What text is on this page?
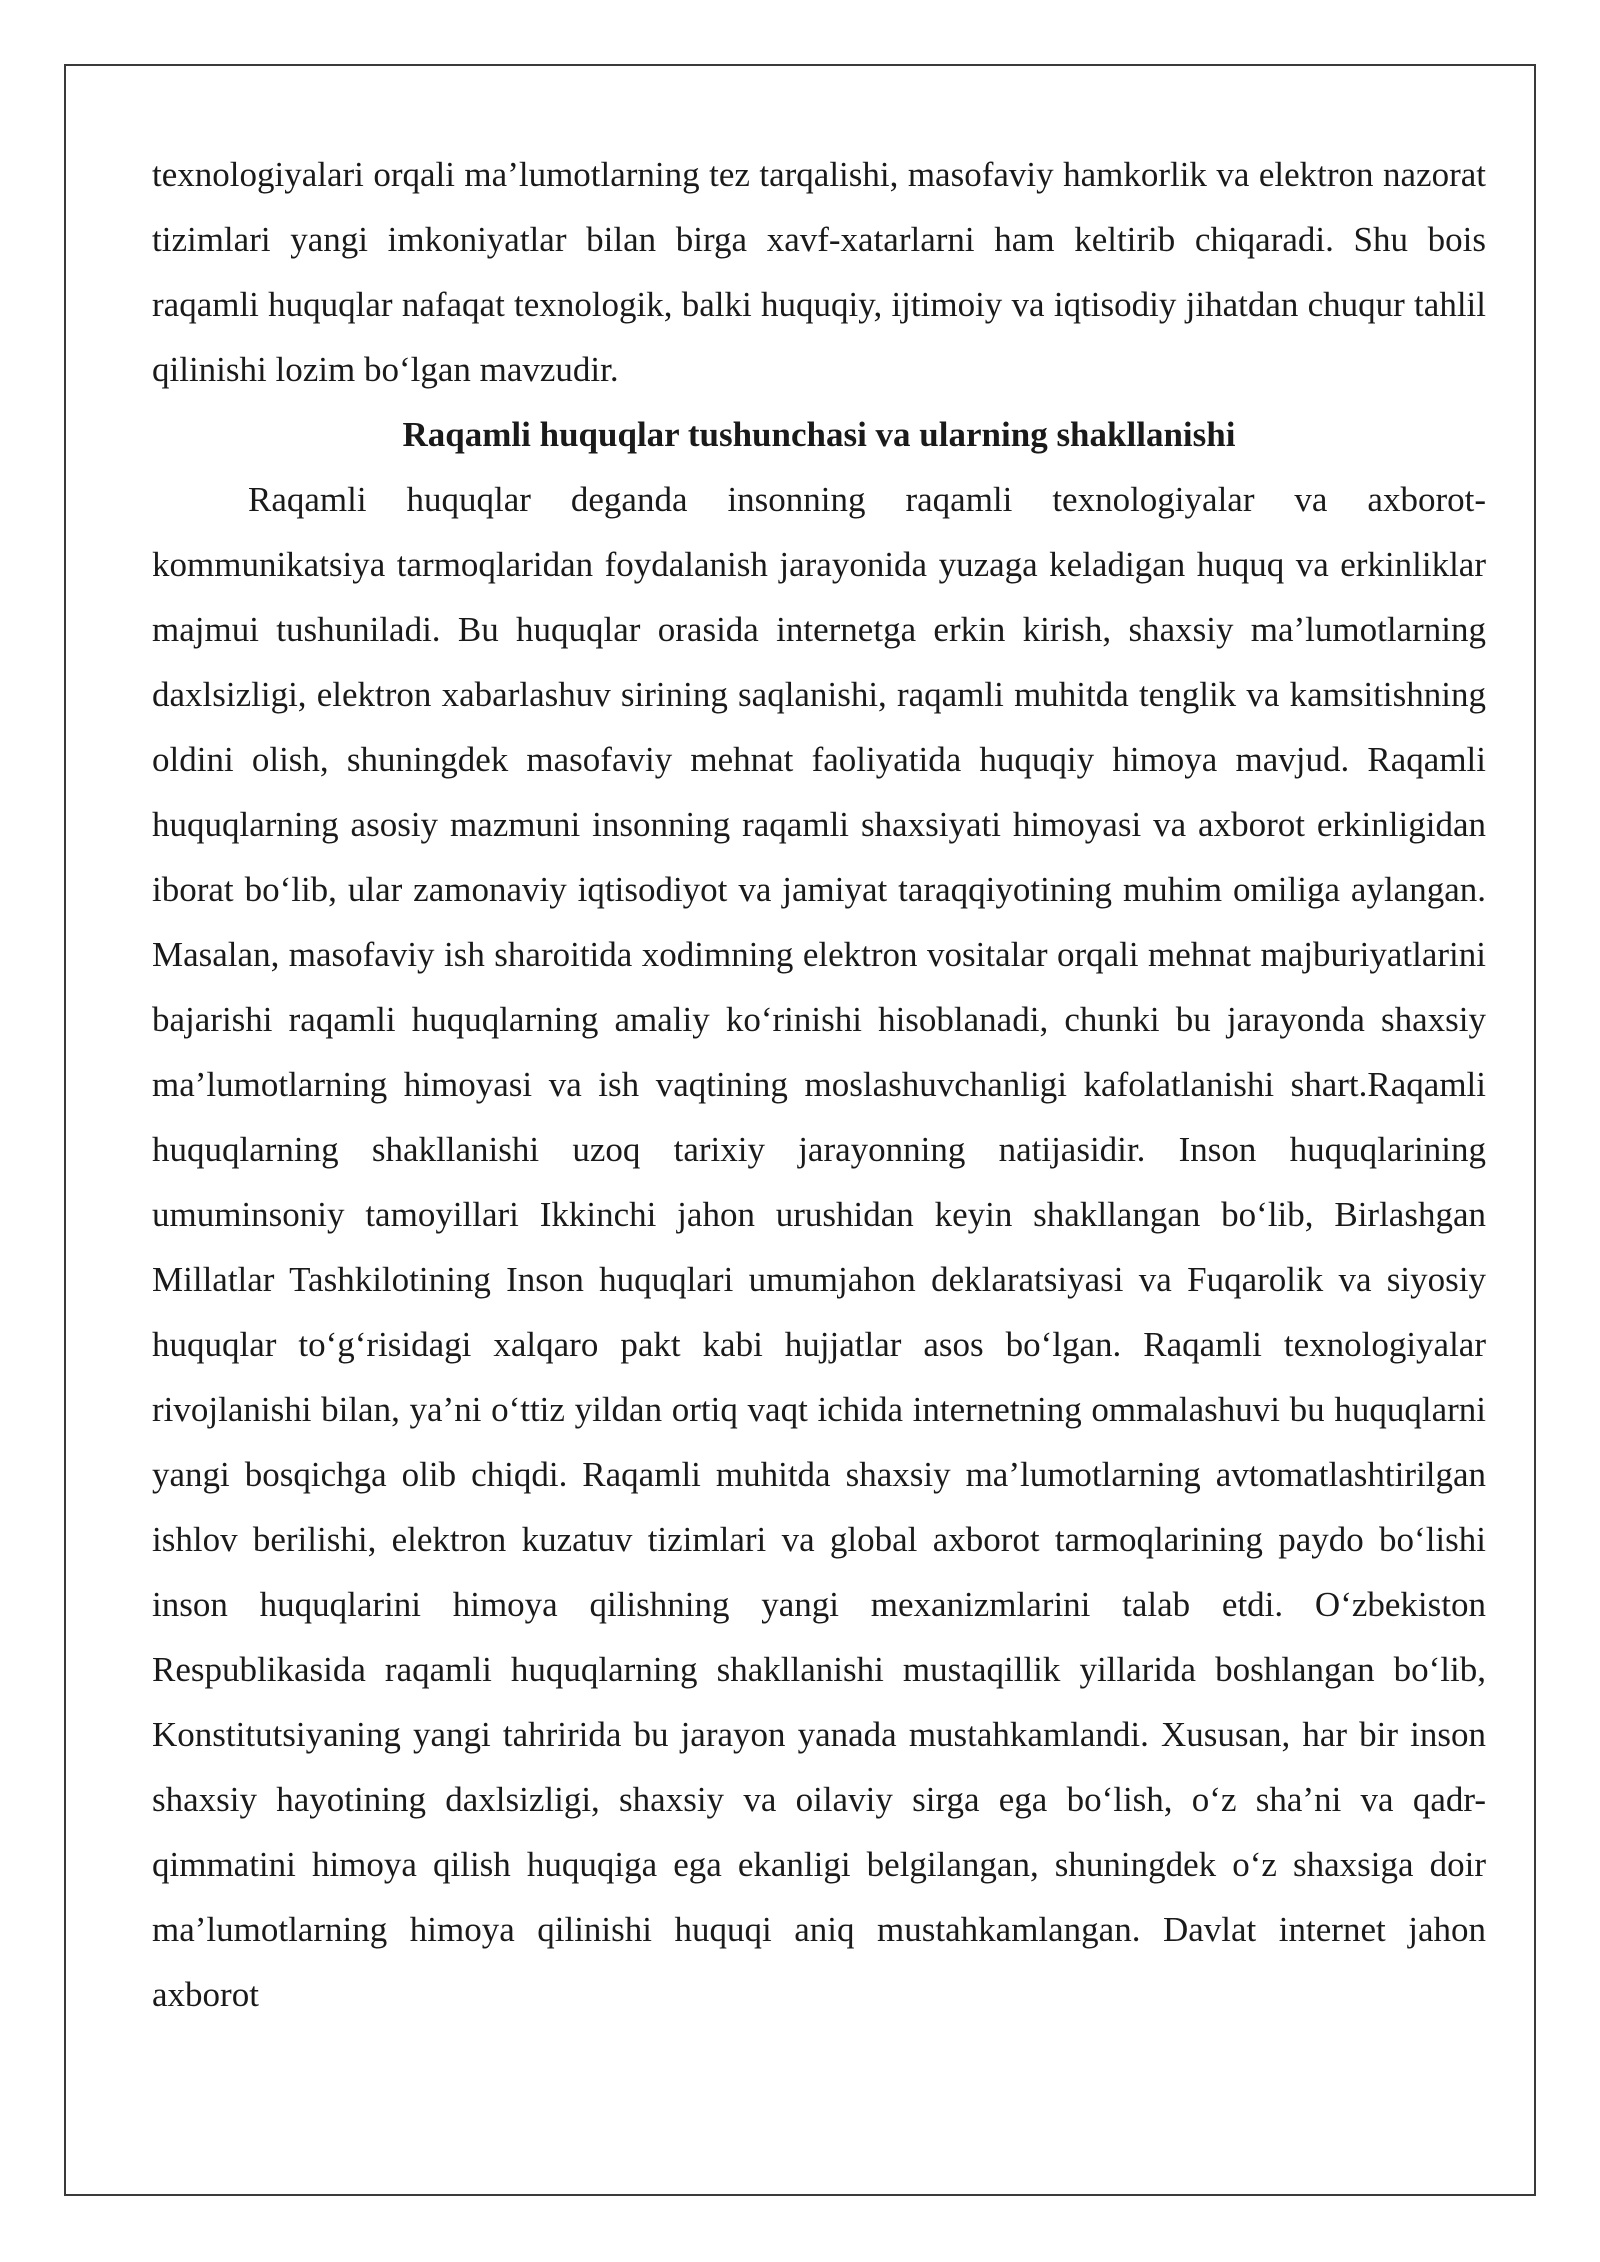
texnologiyalari orqali ma’lumotlarning tez tarqalishi, masofaviy hamkorlik va elektron nazorat tizimlari yangi imkoniyatlar bilan birga xavf-xatarlarni ham keltirib chiqaradi. Shu bois raqamli huquqlar nafaqat texnologik, balki huquqiy, ijtimoiy va iqtisodiy jihatdan chuqur tahlil qilinishi lozim boʻlgan mavzudir.

Raqamli huquqlar tushunchasi va ularning shakllanishi

Raqamli huquqlar deganda insonning raqamli texnologiyalar va axborot-kommunikatsiya tarmoqlaridan foydalanish jarayonida yuzaga keladigan huquq va erkinliklar majmui tushuniladi. Bu huquqlar orasida internetga erkin kirish, shaxsiy ma’lumotlarning daxlsizligi, elektron xabarlashuv sirining saqlanishi, raqamli muhitda tenglik va kamsitishning oldini olish, shuningdek masofaviy mehnat faoliyatida huquqiy himoya mavjud. Raqamli huquqlarning asosiy mazmuni insonning raqamli shaxsiyati himoyasi va axborot erkinligidan iborat boʻlib, ular zamonaviy iqtisodiyot va jamiyat taraqqiyotining muhim omiliga aylangan. Masalan, masofaviy ish sharoitida xodimning elektron vositalar orqali mehnat majburiyatlarini bajarishi raqamli huquqlarning amaliy koʻrinishi hisoblanadi, chunki bu jarayonda shaxsiy ma’lumotlarning himoyasi va ish vaqtining moslashuvchanligi kafolatlanishi shart.Raqamli huquqlarning shakllanishi uzoq tarixiy jarayonning natijasidir. Inson huquqlarining umuminsoniy tamoyillari Ikkinchi jahon urushidan keyin shakllangan boʻlib, Birlashgan Millatlar Tashkilotining Inson huquqlari umumjahon deklaratsiyasi va Fuqarolik va siyosiy huquqlar toʻgʻrisidagi xalqaro pakt kabi hujjatlar asos boʻlgan. Raqamli texnologiyalar rivojlanishi bilan, ya’ni oʻttiz yildan ortiq vaqt ichida internetning ommalashuvi bu huquqlarni yangi bosqichga olib chiqdi. Raqamli muhitda shaxsiy ma’lumotlarning avtomatlashtirilgan ishlov berilishi, elektron kuzatuv tizimlari va global axborot tarmoqlarining paydo boʻlishi inson huquqlarini himoya qilishning yangi mexanizmlarini talab etdi. Oʻzbekiston Respublikasida raqamli huquqlarning shakllanishi mustaqillik yillarida boshlangan boʻlib, Konstitutsiyaning yangi tahririda bu jarayon yanada mustahkamlandi. Xususan, har bir inson shaxsiy hayotining daxlsizligi, shaxsiy va oilaviy sirga ega boʻlish, oʻz sha’ni va qadr-qimmatini himoya qilish huquqiga ega ekanligi belgilangan, shuningdek oʻz shaxsiga doir ma’lumotlarning himoya qilinishi huquqi aniq mustahkamlangan. Davlat internet jahon axborot
